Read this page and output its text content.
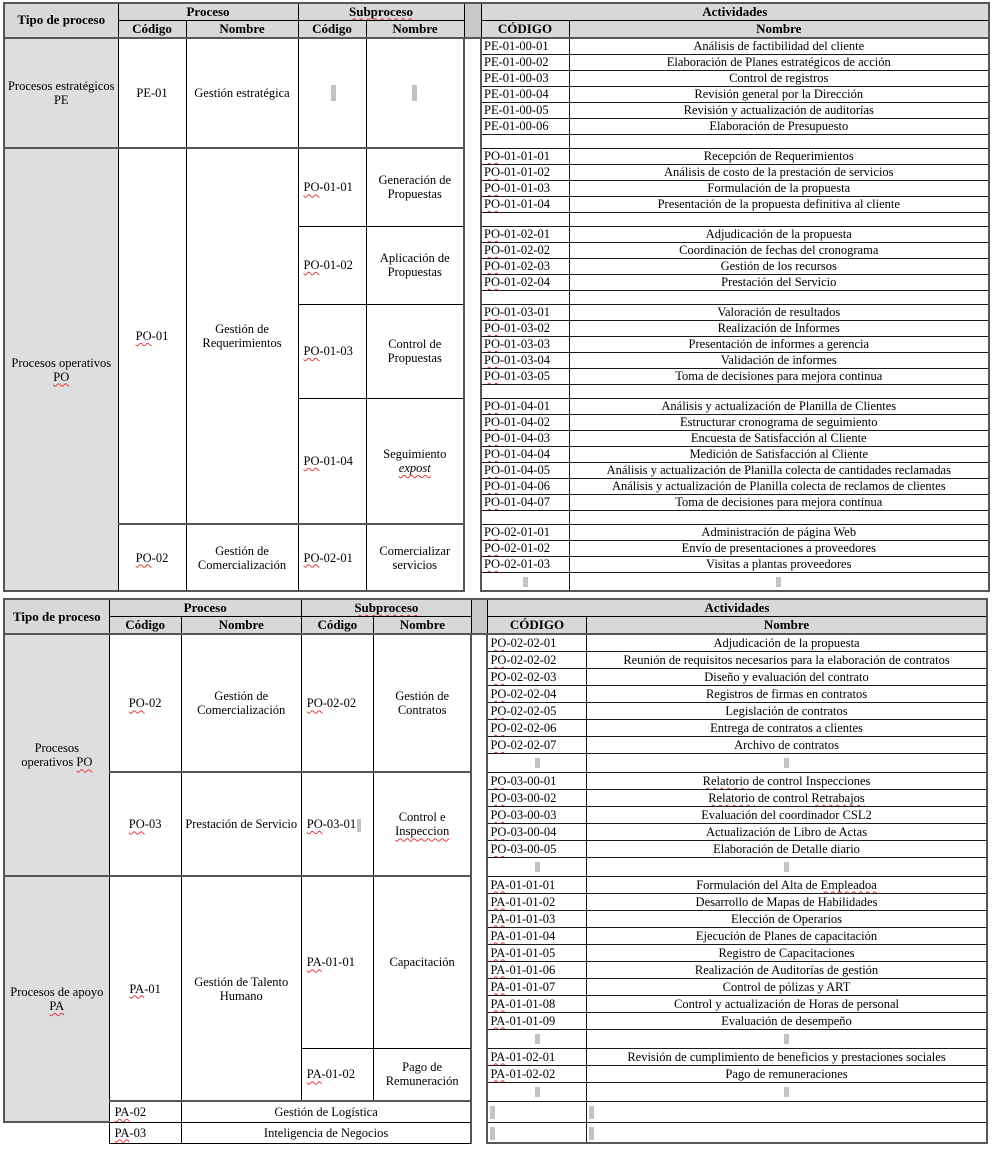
Tipo de proceso	Proceso		Subproceso			Actividades	
	Código	Nombre	Código	Nombre		CÓDIGO	Nombre
Procesos estratégicos PE	PE-01	Gestión estratégica				PE-01-00-01	Análisis de factibilidad del cliente
						PE-01-00-02	Elaboración de Planes estratégicos de acción
						PE-01-00-03	Control de registros
						PE-01-00-04	Revisión general por la Dirección
						PE-01-00-05	Revisión y actualización de auditorías
						PE-01-00-06	Elaboración de Presupuesto

Procesos operativos PO	PO-01	Gestión de Requerimientos	PO-01-01	Generación de Propuestas		PO-01-01-01	Recepción de Requerimientos
						PO-01-01-02	Análisis de costo de la prestación de servicios
						PO-01-01-03	Formulación de la propuesta
						PO-01-01-04	Presentación de la propuesta definitiva al cliente

			PO-01-02	Aplicación de Propuestas		PO-01-02-01	Adjudicación de la propuesta
						PO-01-02-02	Coordinación de fechas del cronograma
						PO-01-02-03	Gestión de los recursos
						PO-01-02-04	Prestación del Servicio

			PO-01-03	Control de Propuestas		PO-01-03-01	Valoración de resultados
						PO-01-03-02	Realización de Informes
						PO-01-03-03	Presentación de informes a gerencia
						PO-01-03-04	Validación de informes
						PO-01-03-05	Toma de decisiones para mejora continua

			PO-01-04	Seguimiento expost		PO-01-04-01	Análisis y actualización de Planilla de Clientes
						PO-01-04-02	Estructurar cronograma de seguimiento
						PO-01-04-03	Encuesta de Satisfacción al Cliente
						PO-01-04-04	Medición de Satisfacción al Cliente
						PO-01-04-05	Análisis y actualización de Planilla colecta de cantidades reclamadas
						PO-01-04-06	Análisis y actualización de Planilla colecta de reclamos de clientes
						PO-01-04-07	Toma de decisiones para mejora continua

	PO-02	Gestión de Comercialización	PO-02-01	Comercializar servicios		PO-02-01-01	Administración de página Web
						PO-02-01-02	Envío de presentaciones a proveedores
						PO-02-01-03	Visitas a plantas proveedores

Tipo de proceso	Proceso		Subproceso			Actividades	
	Código	Nombre	Código	Nombre		CÓDIGO	Nombre
Procesos operativos PO	PO-02	Gestión de Comercialización	PO-02-02	Gestión de Contratos		PO-02-02-01	Adjudicación de la propuesta
						PO-02-02-02	Reunión de requisitos necesarios para la elaboración de contratos
						PO-02-02-03	Diseño y evaluación del contrato
						PO-02-02-04	Registros de firmas en contratos
						PO-02-02-05	Legislación de contratos
						PO-02-02-06	Entrega de contratos a clientes
						PO-02-02-07	Archivo de contratos

	PO-03	Prestación de Servicio	PO-03-01	Control e Inspeccion		PO-03-00-01	Relatorio de control Inspecciones
						PO-03-00-02	Relatorio de control Retrabajos
						PO-03-00-03	Evaluación del coordinador CSL2
						PO-03-00-04	Actualización de Libro de Actas
						PO-03-00-05	Elaboración de Detalle diario

Procesos de apoyo PA	PA-01	Gestión de Talento Humano	PA-01-01	Capacitación		PA-01-01-01	Formulación del Alta de Empleadoa
						PA-01-01-02	Desarrollo de Mapas de Habilidades
						PA-01-01-03	Elección de Operarios
						PA-01-01-04	Ejecución de Planes de capacitación
						PA-01-01-05	Registro de Capacitaciones
						PA-01-01-06	Realización de Auditorías de gestión
						PA-01-01-07	Control de pólizas y ART
						PA-01-01-08	Control y actualización de Horas de personal
						PA-01-01-09	Evaluación de desempeño

			PA-01-02	Pago de Remuneración		PA-01-02-01	Revisión de cumplimiento de beneficios y prestaciones sociales
						PA-01-02-02	Pago de remuneraciones

	PA-02	Gestión de Logística					
	PA-03	Inteligencia de Negocios					
